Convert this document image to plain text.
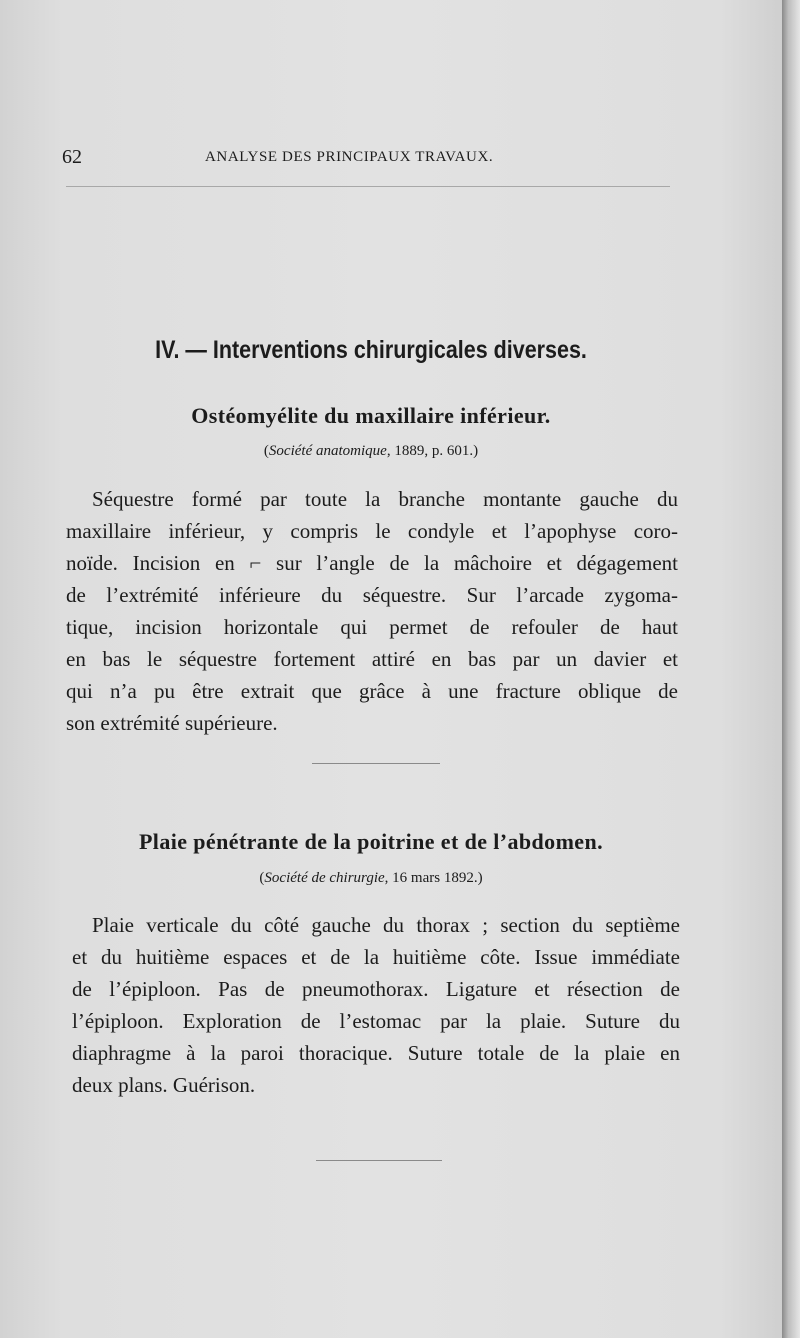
62	ANALYSE DES PRINCIPAUX TRAVAUX.
IV. — Interventions chirurgicales diverses.
Ostéomyélite du maxillaire inférieur.
(Société anatomique, 1889, p. 601.)
Séquestre formé par toute la branche montante gauche du
maxillaire inférieur, y compris le condyle et l’apophyse coro-
noïde. Incision en ⌐ sur l’angle de la mâchoire et dégagement
de l’extrémité inférieure du séquestre. Sur l’arcade zygoma-
tique, incision horizontale qui permet de refouler de haut
en bas le séquestre fortement attiré en bas par un davier et
qui n’a pu être extrait que grâce à une fracture oblique de
son extrémité supérieure.
Plaie pénétrante de la poitrine et de l’abdomen.
(Société de chirurgie, 16 mars 1892.)
Plaie verticale du côté gauche du thorax ; section du septième
et du huitième espaces et de la huitième côte. Issue immédiate
de l’épiploon. Pas de pneumothorax. Ligature et résection de
l’épiploon. Exploration de l’estomac par la plaie. Suture du
diaphragme à la paroi thoracique. Suture totale de la plaie en
deux plans. Guérison.
